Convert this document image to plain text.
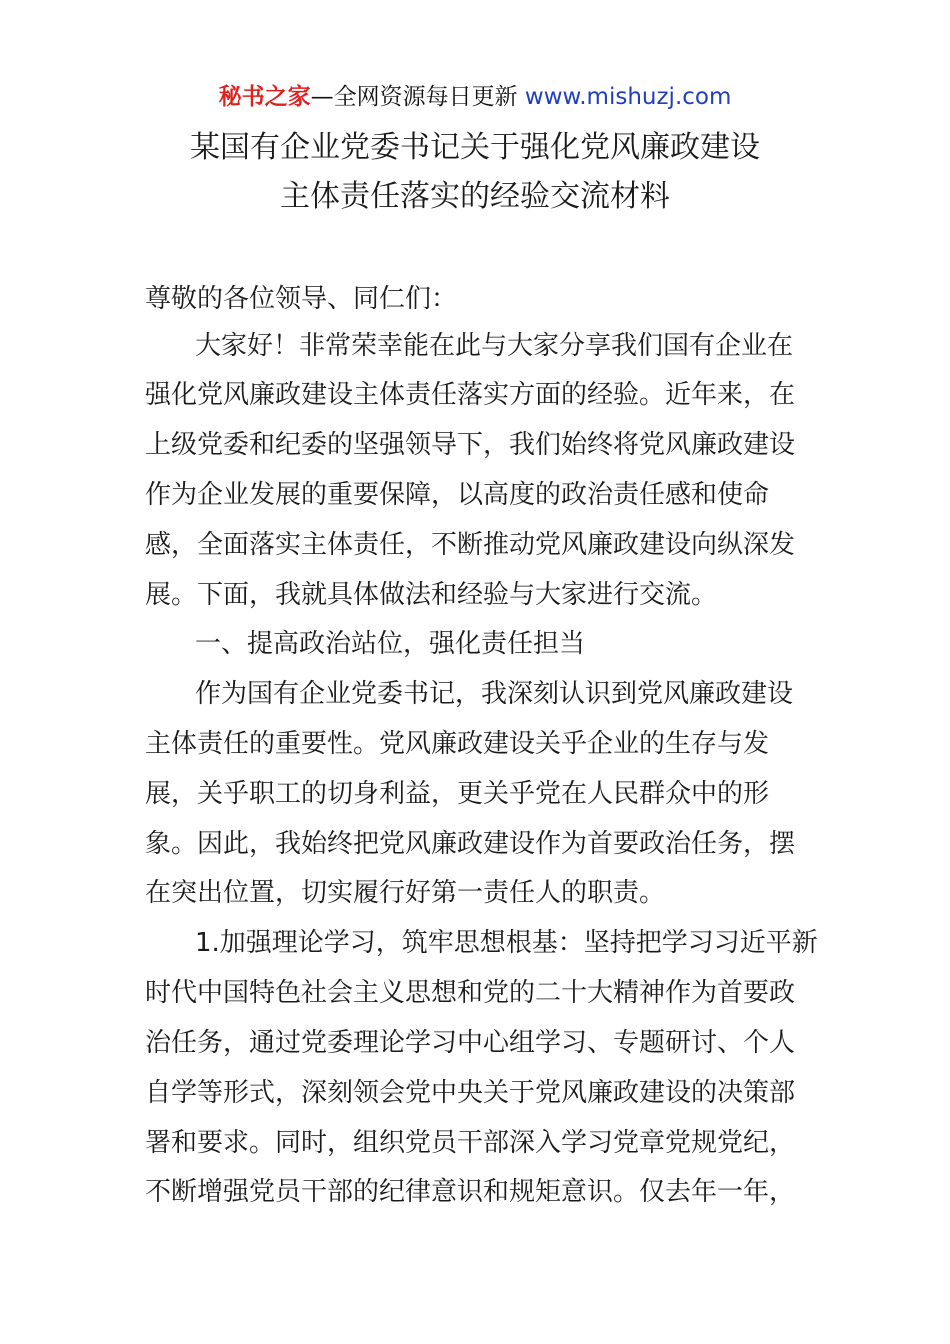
秘书之家—全网资源每日更新 www.mishuzj.com
某国有企业党委书记关于强化党风廉政建设
主体责任落实的经验交流材料
尊敬的各位领导、同仁们：
大家好！非常荣幸能在此与大家分享我们国有企业在
强化党风廉政建设主体责任落实方面的经验。近年来，在
上级党委和纪委的坚强领导下，我们始终将党风廉政建设
作为企业发展的重要保障，以高度的政治责任感和使命
感，全面落实主体责任，不断推动党风廉政建设向纵深发
展。下面，我就具体做法和经验与大家进行交流。
一、提高政治站位，强化责任担当
作为国有企业党委书记，我深刻认识到党风廉政建设
主体责任的重要性。党风廉政建设关乎企业的生存与发
展，关乎职工的切身利益，更关乎党在人民群众中的形
象。因此，我始终把党风廉政建设作为首要政治任务，摆
在突出位置，切实履行好第一责任人的职责。
1.加强理论学习，筑牢思想根基：坚持把学习习近平新
时代中国特色社会主义思想和党的二十大精神作为首要政
治任务，通过党委理论学习中心组学习、专题研讨、个人
自学等形式，深刻领会党中央关于党风廉政建设的决策部
署和要求。同时，组织党员干部深入学习党章党规党纪，
不断增强党员干部的纪律意识和规矩意识。仅去年一年，
